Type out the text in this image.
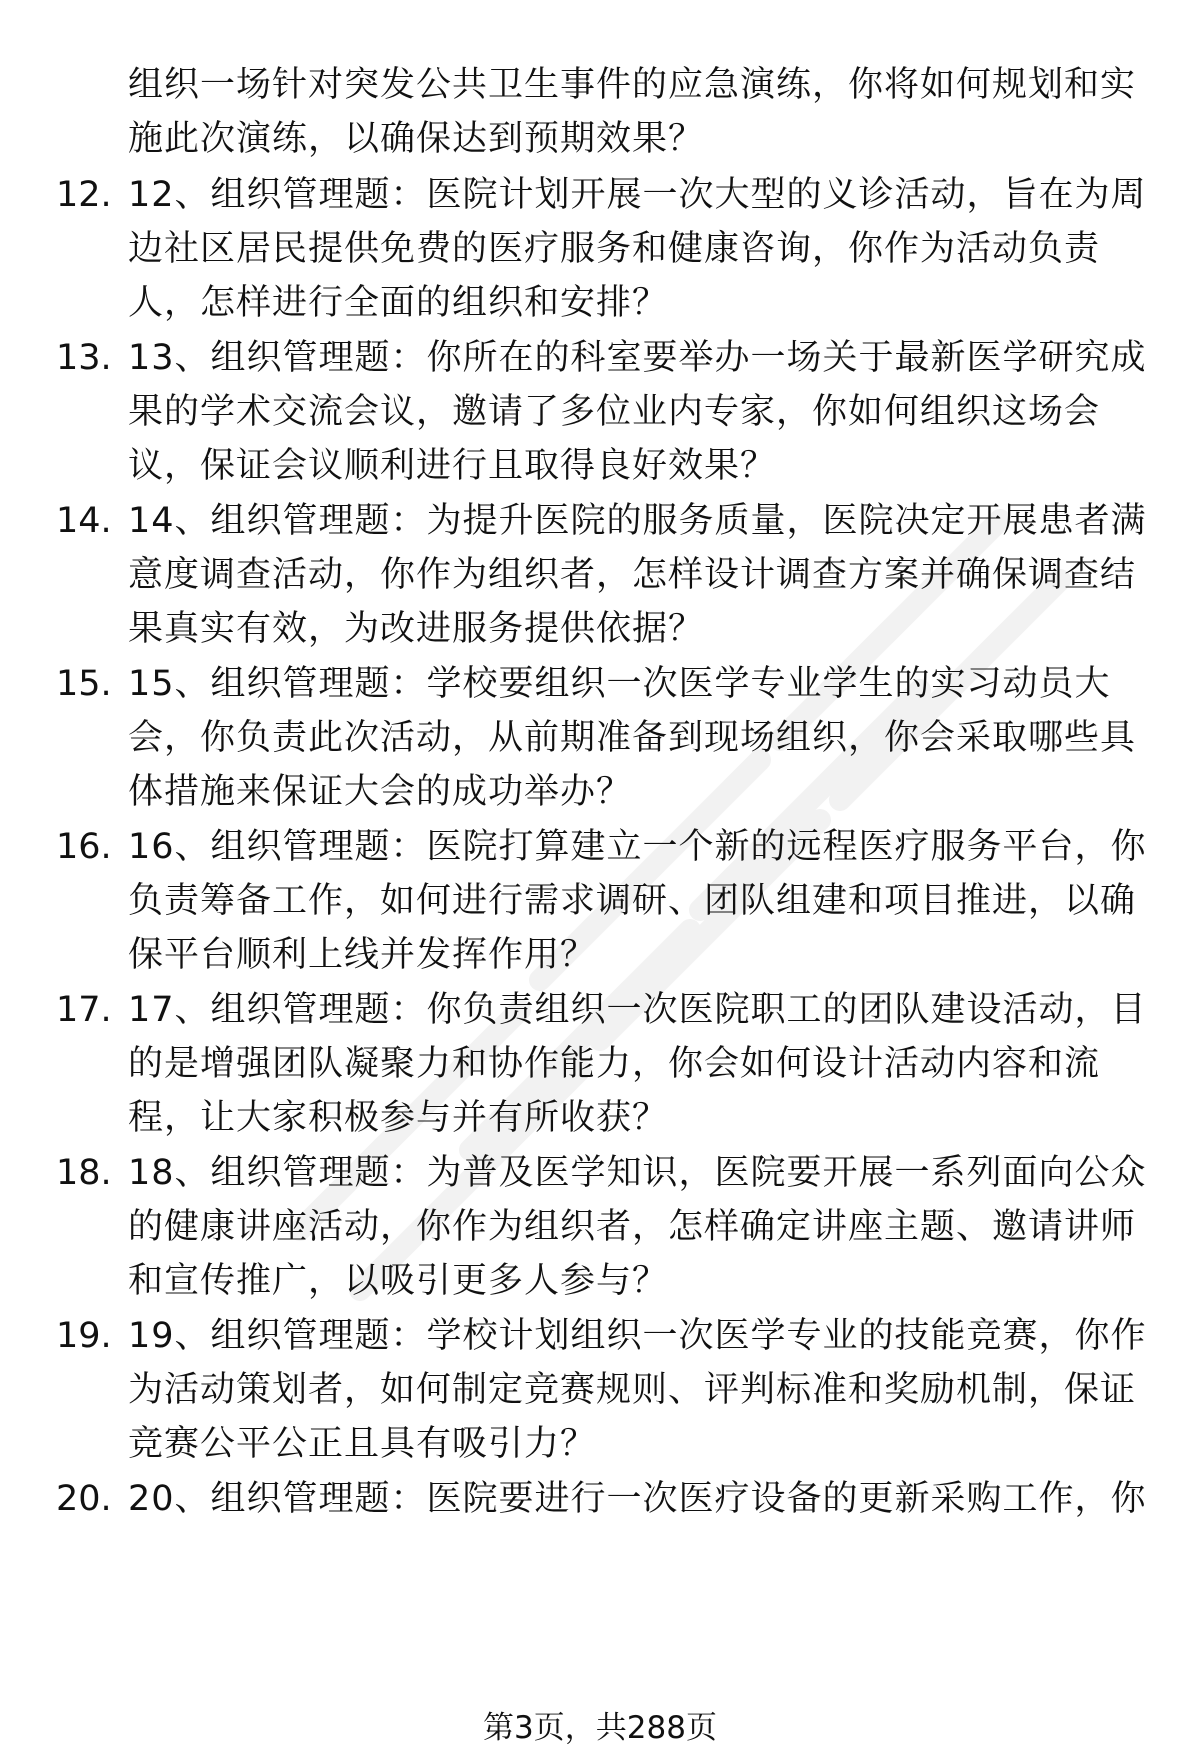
组织一场针对突发公共卫生事件的应急演练，你将如何规划和实施此次演练，以确保达到预期效果？

12. 12、组织管理题：医院计划开展一次大型的义诊活动，旨在为周边社区居民提供免费的医疗服务和健康咨询，你作为活动负责人，怎样进行全面的组织和安排？

13. 13、组织管理题：你所在的科室要举办一场关于最新医学研究成果的学术交流会议，邀请了多位业内专家，你如何组织这场会议，保证会议顺利进行且取得良好效果？

14. 14、组织管理题：为提升医院的服务质量，医院决定开展患者满意度调查活动，你作为组织者，怎样设计调查方案并确保调查结果真实有效，为改进服务提供依据？

15. 15、组织管理题：学校要组织一次医学专业学生的实习动员大会，你负责此次活动，从前期准备到现场组织，你会采取哪些具体措施来保证大会的成功举办？

16. 16、组织管理题：医院打算建立一个新的远程医疗服务平台，你负责筹备工作，如何进行需求调研、团队组建和项目推进，以确保平台顺利上线并发挥作用？

17. 17、组织管理题：你负责组织一次医院职工的团队建设活动，目的是增强团队凝聚力和协作能力，你会如何设计活动内容和流程，让大家积极参与并有所收获？

18. 18、组织管理题：为普及医学知识，医院要开展一系列面向公众的健康讲座活动，你作为组织者，怎样确定讲座主题、邀请讲师和宣传推广，以吸引更多人参与？

19. 19、组织管理题：学校计划组织一次医学专业的技能竞赛，你作为活动策划者，如何制定竞赛规则、评判标准和奖励机制，保证竞赛公平公正且具有吸引力？

20. 20、组织管理题：医院要进行一次医疗设备的更新采购工作，你

第3页，共288页
